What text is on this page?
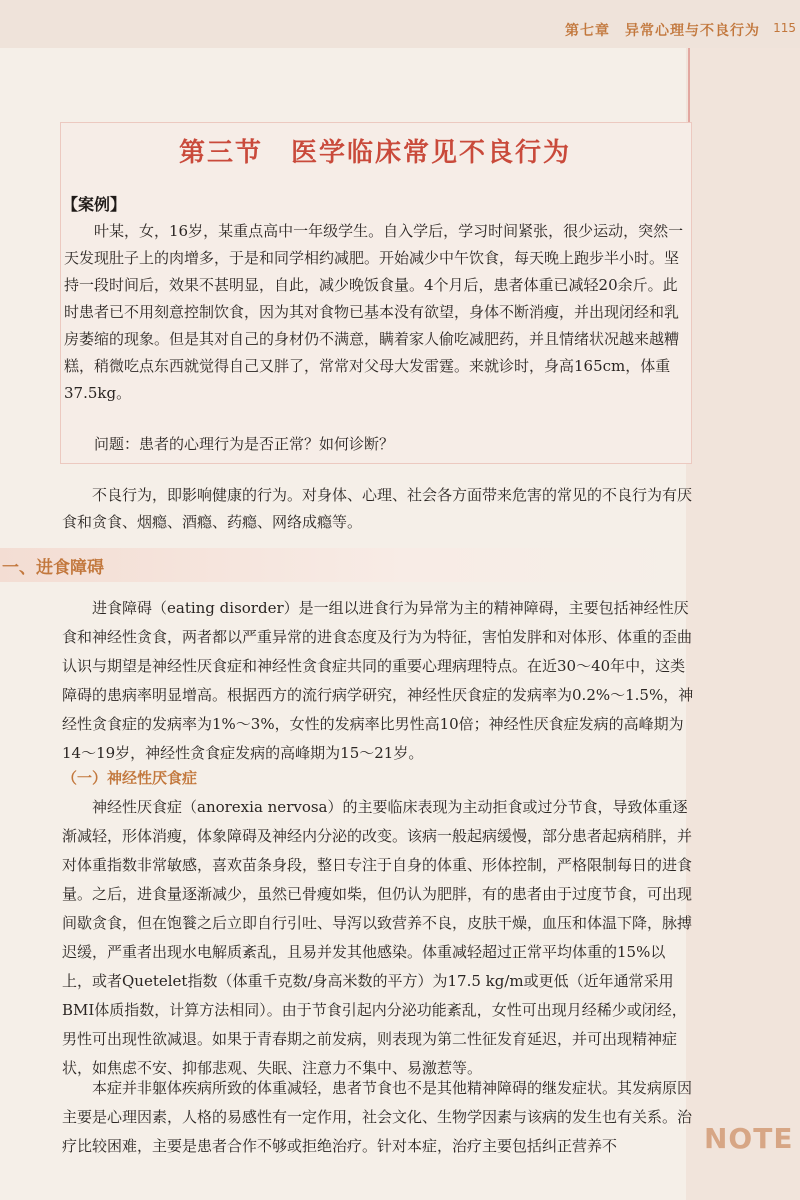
第七章　异常心理与不良行为 115
第三节　医学临床常见不良行为
【案例】

叶某，女，16岁，某重点高中一年级学生。自入学后，学习时间紧张，很少运动，突然一天发现肚子上的肉增多，于是和同学相约减肥。开始减少中午饮食，每天晚上跑步半小时。坚持一段时间后，效果不甚明显，自此，减少晚饭食量。4个月后，患者体重已减轻20余斤。此时患者已不用刻意控制饮食，因为其对食物已基本没有欲望，身体不断消瘦，并出现闭经和乳房萎缩的现象。但是其对自己的身材仍不满意，瞒着家人偷吃减肥药，并且情绪状况越来越糟糕，稍微吃点东西就觉得自己又胖了，常常对父母大发雷霆。来就诊时，身高165cm，体重37.5kg。

问题：患者的心理行为是否正常？如何诊断？

不良行为，即影响健康的行为。对身体、心理、社会各方面带来危害的常见的不良行为有厌食和贪食、烟瘾、酒瘾、药瘾、网络成瘾等。

一、进食障碍

进食障碍（eating disorder）是一组以进食行为异常为主的精神障碍，主要包括神经性厌食和神经性贪食，两者都以严重异常的进食态度及行为为特征，害怕发胖和对体形、体重的歪曲认识与期望是神经性厌食症和神经性贪食症共同的重要心理病理特点。在近30～40年中，这类障碍的患病率明显增高。根据西方的流行病学研究，神经性厌食症的发病率为0.2%～1.5%，神经性贪食症的发病率为1%～3%，女性的发病率比男性高10倍；神经性厌食症发病的高峰期为14～19岁，神经性贪食症发病的高峰期为15～21岁。

（一）神经性厌食症

神经性厌食症（anorexia nervosa）的主要临床表现为主动拒食或过分节食，导致体重逐渐减轻，形体消瘦，体象障碍及神经内分泌的改变。该病一般起病缓慢，部分患者起病稍胖，并对体重指数非常敏感，喜欢苗条身段，整日专注于自身的体重、形体控制，严格限制每日的进食量。之后，进食量逐渐减少，虽然已骨瘦如柴，但仍认为肥胖，有的患者由于过度节食，可出现间歇贪食，但在饱餮之后立即自行引吐、导泻以致营养不良，皮肤干燥，血压和体温下降，脉搏迟缓，严重者出现水电解质紊乱，且易并发其他感染。体重减轻超过正常平均体重的15%以上，或者Quetelet指数（体重千克数/身高米数的平方）为17.5 kg/m或更低（近年通常采用BMI体质指数，计算方法相同）。由于节食引起内分泌功能紊乱，女性可出现月经稀少或闭经，男性可出现性欲减退。如果于青春期之前发病，则表现为第二性征发育延迟，并可出现精神症状，如焦虑不安、抑郁悲观、失眠、注意力不集中、易激惹等。

本症并非躯体疾病所致的体重减轻，患者节食也不是其他精神障碍的继发症状。其发病原因主要是心理因素，人格的易感性有一定作用，社会文化、生物学因素与该病的发生也有关系。治疗比较困难，主要是患者合作不够或拒绝治疗。针对本症，治疗主要包括纠正营养不	NOTE
